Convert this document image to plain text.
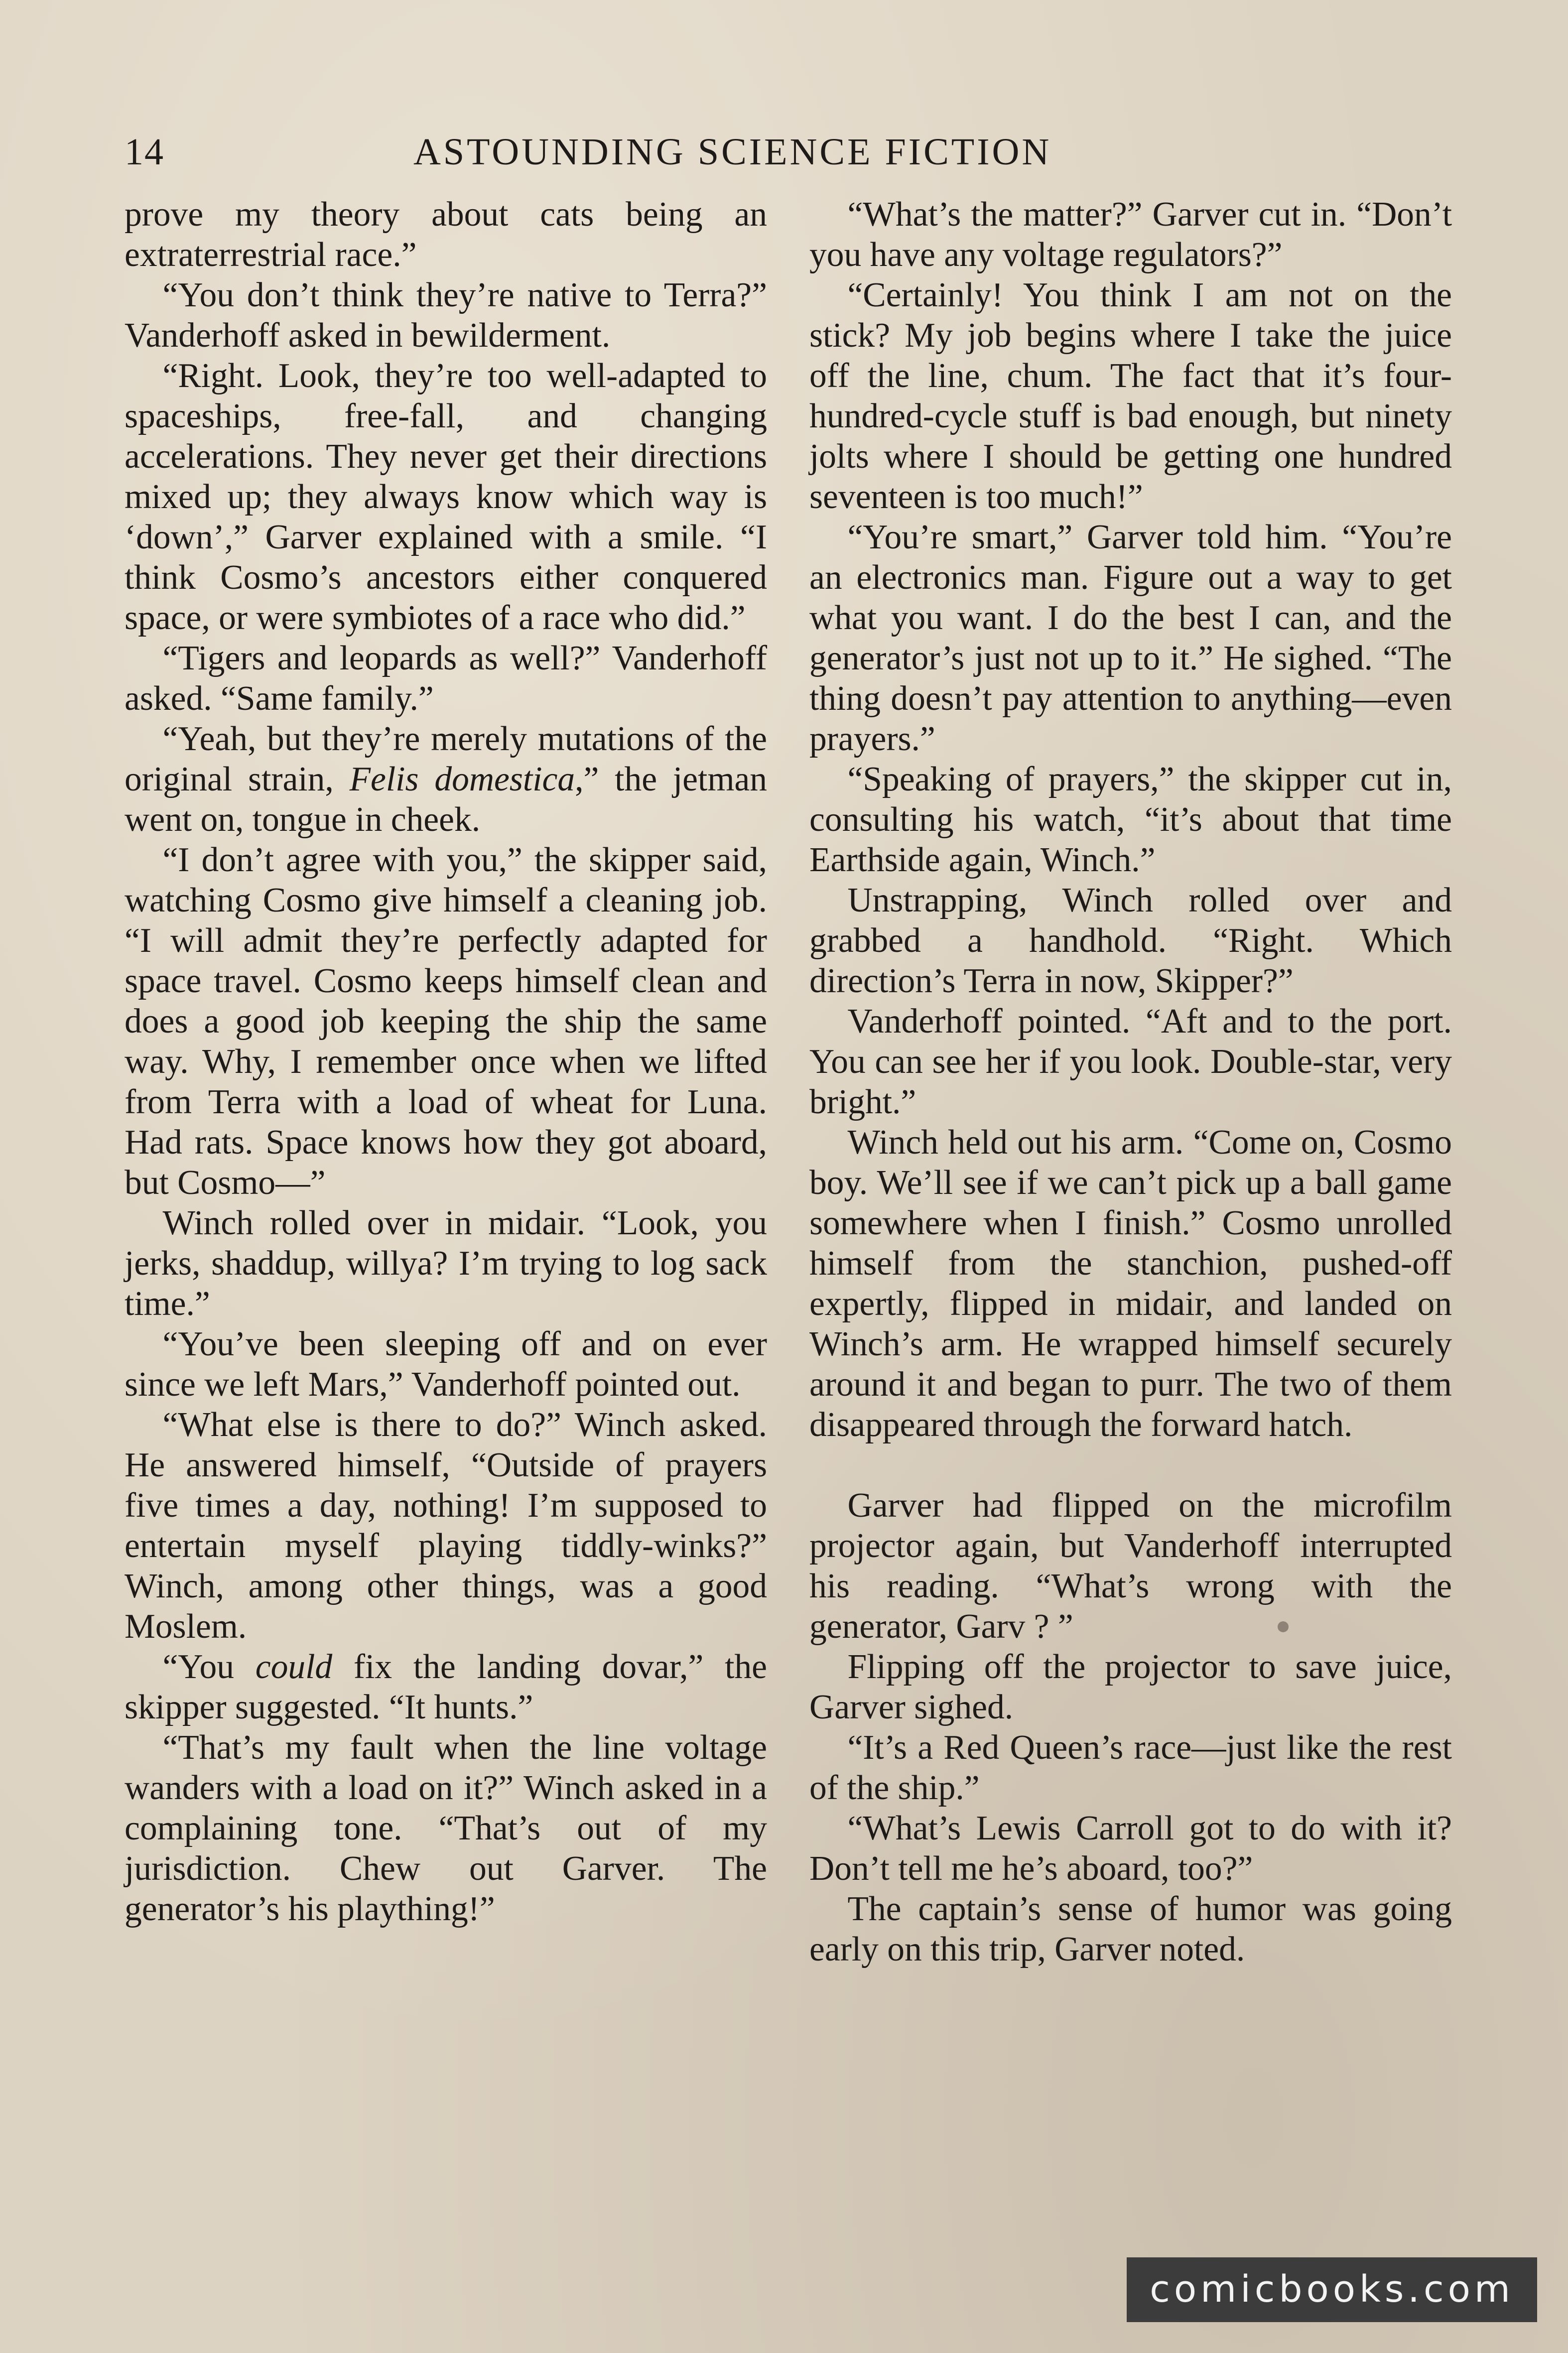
14	ASTOUNDING SCIENCE FICTION

prove my theory about cats being an extraterrestrial race.”

“You don’t think they’re native to Terra?” Vanderhoff asked in bewilderment.

“Right. Look, they’re too well-adapted to spaceships, free-fall, and changing accelerations. They never get their directions mixed up; they always know which way is ‘down’,” Garver explained with a smile. “I think Cosmo’s ancestors either conquered space, or were symbiotes of a race who did.”

“Tigers and leopards as well?” Vanderhoff asked. “Same family.”

“Yeah, but they’re merely mutations of the original strain, Felis domestica,” the jetman went on, tongue in cheek.

“I don’t agree with you,” the skipper said, watching Cosmo give himself a cleaning job. “I will admit they’re perfectly adapted for space travel. Cosmo keeps himself clean and does a good job keeping the ship the same way. Why, I remember once when we lifted from Terra with a load of wheat for Luna. Had rats. Space knows how they got aboard, but Cosmo—”

Winch rolled over in midair. “Look, you jerks, shaddup, willya? I’m trying to log sack time.”

“You’ve been sleeping off and on ever since we left Mars,” Vanderhoff pointed out.

“What else is there to do?” Winch asked. He answered himself, “Outside of prayers five times a day, nothing! I’m supposed to entertain myself playing tiddly-winks?” Winch, among other things, was a good Moslem.

“You could fix the landing dovar,” the skipper suggested. “It hunts.”

“That’s my fault when the line voltage wanders with a load on it?” Winch asked in a complaining tone. “That’s out of my jurisdiction. Chew out Garver. The generator’s his plaything!”

“What’s the matter?” Garver cut in. “Don’t you have any voltage regulators?”

“Certainly! You think I am not on the stick? My job begins where I take the juice off the line, chum. The fact that it’s four-hundred-cycle stuff is bad enough, but ninety jolts where I should be getting one hundred seventeen is too much!”

“You’re smart,” Garver told him. “You’re an electronics man. Figure out a way to get what you want. I do the best I can, and the generator’s just not up to it.” He sighed. “The thing doesn’t pay attention to anything—even prayers.”

“Speaking of prayers,” the skipper cut in, consulting his watch, “it’s about that time Earthside again, Winch.”

Unstrapping, Winch rolled over and grabbed a handhold. “Right. Which direction’s Terra in now, Skipper?”

Vanderhoff pointed. “Aft and to the port. You can see her if you look. Double-star, very bright.”

Winch held out his arm. “Come on, Cosmo boy. We’ll see if we can’t pick up a ball game somewhere when I finish.” Cosmo unrolled himself from the stanchion, pushed-off expertly, flipped in midair, and landed on Winch’s arm. He wrapped himself securely around it and began to purr. The two of them disappeared through the forward hatch.

Garver had flipped on the microfilm projector again, but Vanderhoff interrupted his reading. “What’s wrong with the generator, Garv ? ”

Flipping off the projector to save juice, Garver sighed.

“It’s a Red Queen’s race—just like the rest of the ship.”

“What’s Lewis Carroll got to do with it? Don’t tell me he’s aboard, too?”

The captain’s sense of humor was going early on this trip, Garver noted.

comicbooks.com
